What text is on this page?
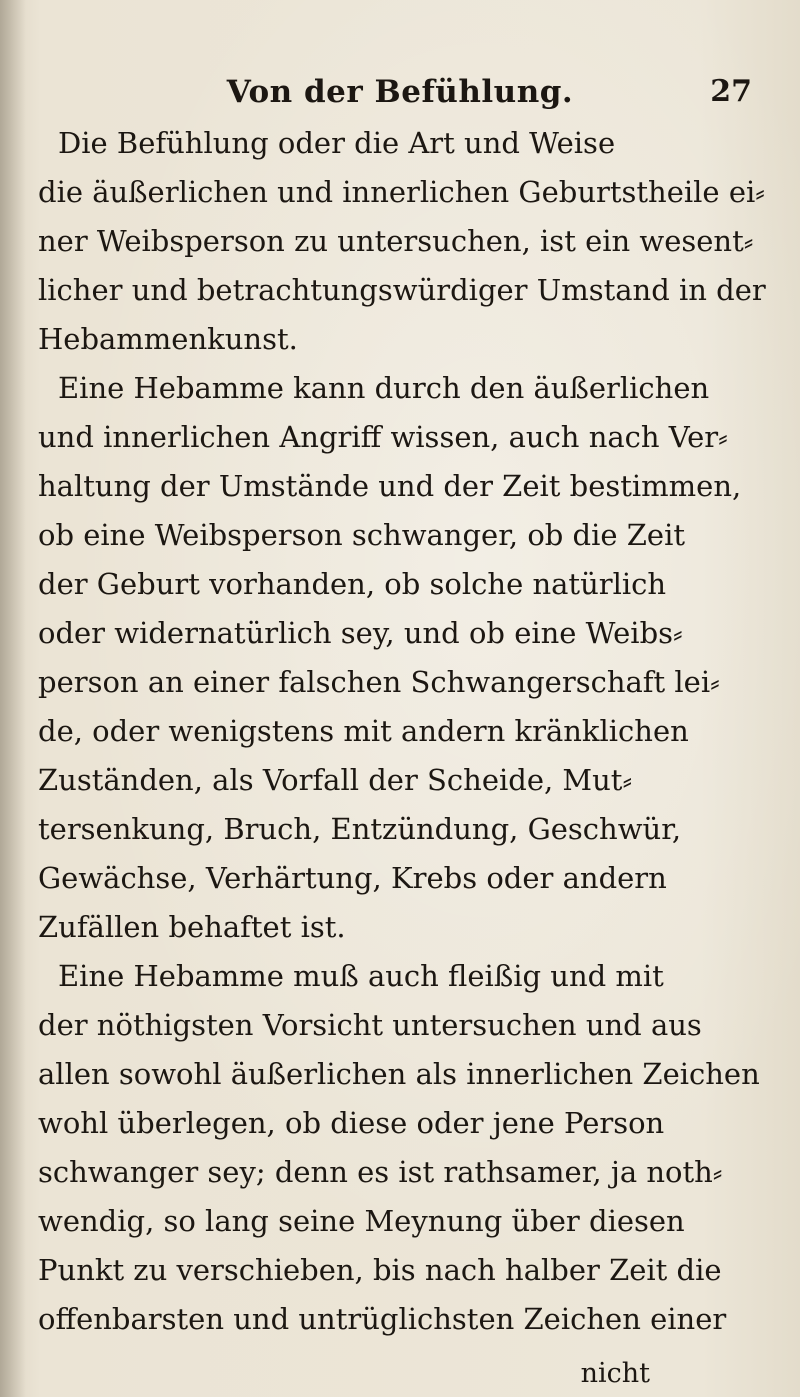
Von der Befühlung.	27
Die Befühlung oder die Art und Weise
die äußerlichen und innerlichen Geburtstheile ei⸗
ner Weibsperson zu untersuchen, ist ein wesent⸗
licher und betrachtungswürdiger Umstand in der
Hebammenkunst.
Eine Hebamme kann durch den äußerlichen
und innerlichen Angriff wissen, auch nach Ver⸗
haltung der Umstände und der Zeit bestimmen,
ob eine Weibsperson schwanger, ob die Zeit
der Geburt vorhanden, ob solche natürlich
oder widernatürlich sey, und ob eine Weibs⸗
person an einer falschen Schwangerschaft lei⸗
de, oder wenigstens mit andern kränklichen
Zuständen, als Vorfall der Scheide, Mut⸗
tersenkung, Bruch, Entzündung, Geschwür,
Gewächse, Verhärtung, Krebs oder andern
Zufällen behaftet ist.
Eine Hebamme muß auch fleißig und mit
der nöthigsten Vorsicht untersuchen und aus
allen sowohl äußerlichen als innerlichen Zeichen
wohl überlegen, ob diese oder jene Person
schwanger sey; denn es ist rathsamer, ja noth⸗
wendig, so lang seine Meynung über diesen
Punkt zu verschieben, bis nach halber Zeit die
offenbarsten und untrüglichsten Zeichen einer
nicht
